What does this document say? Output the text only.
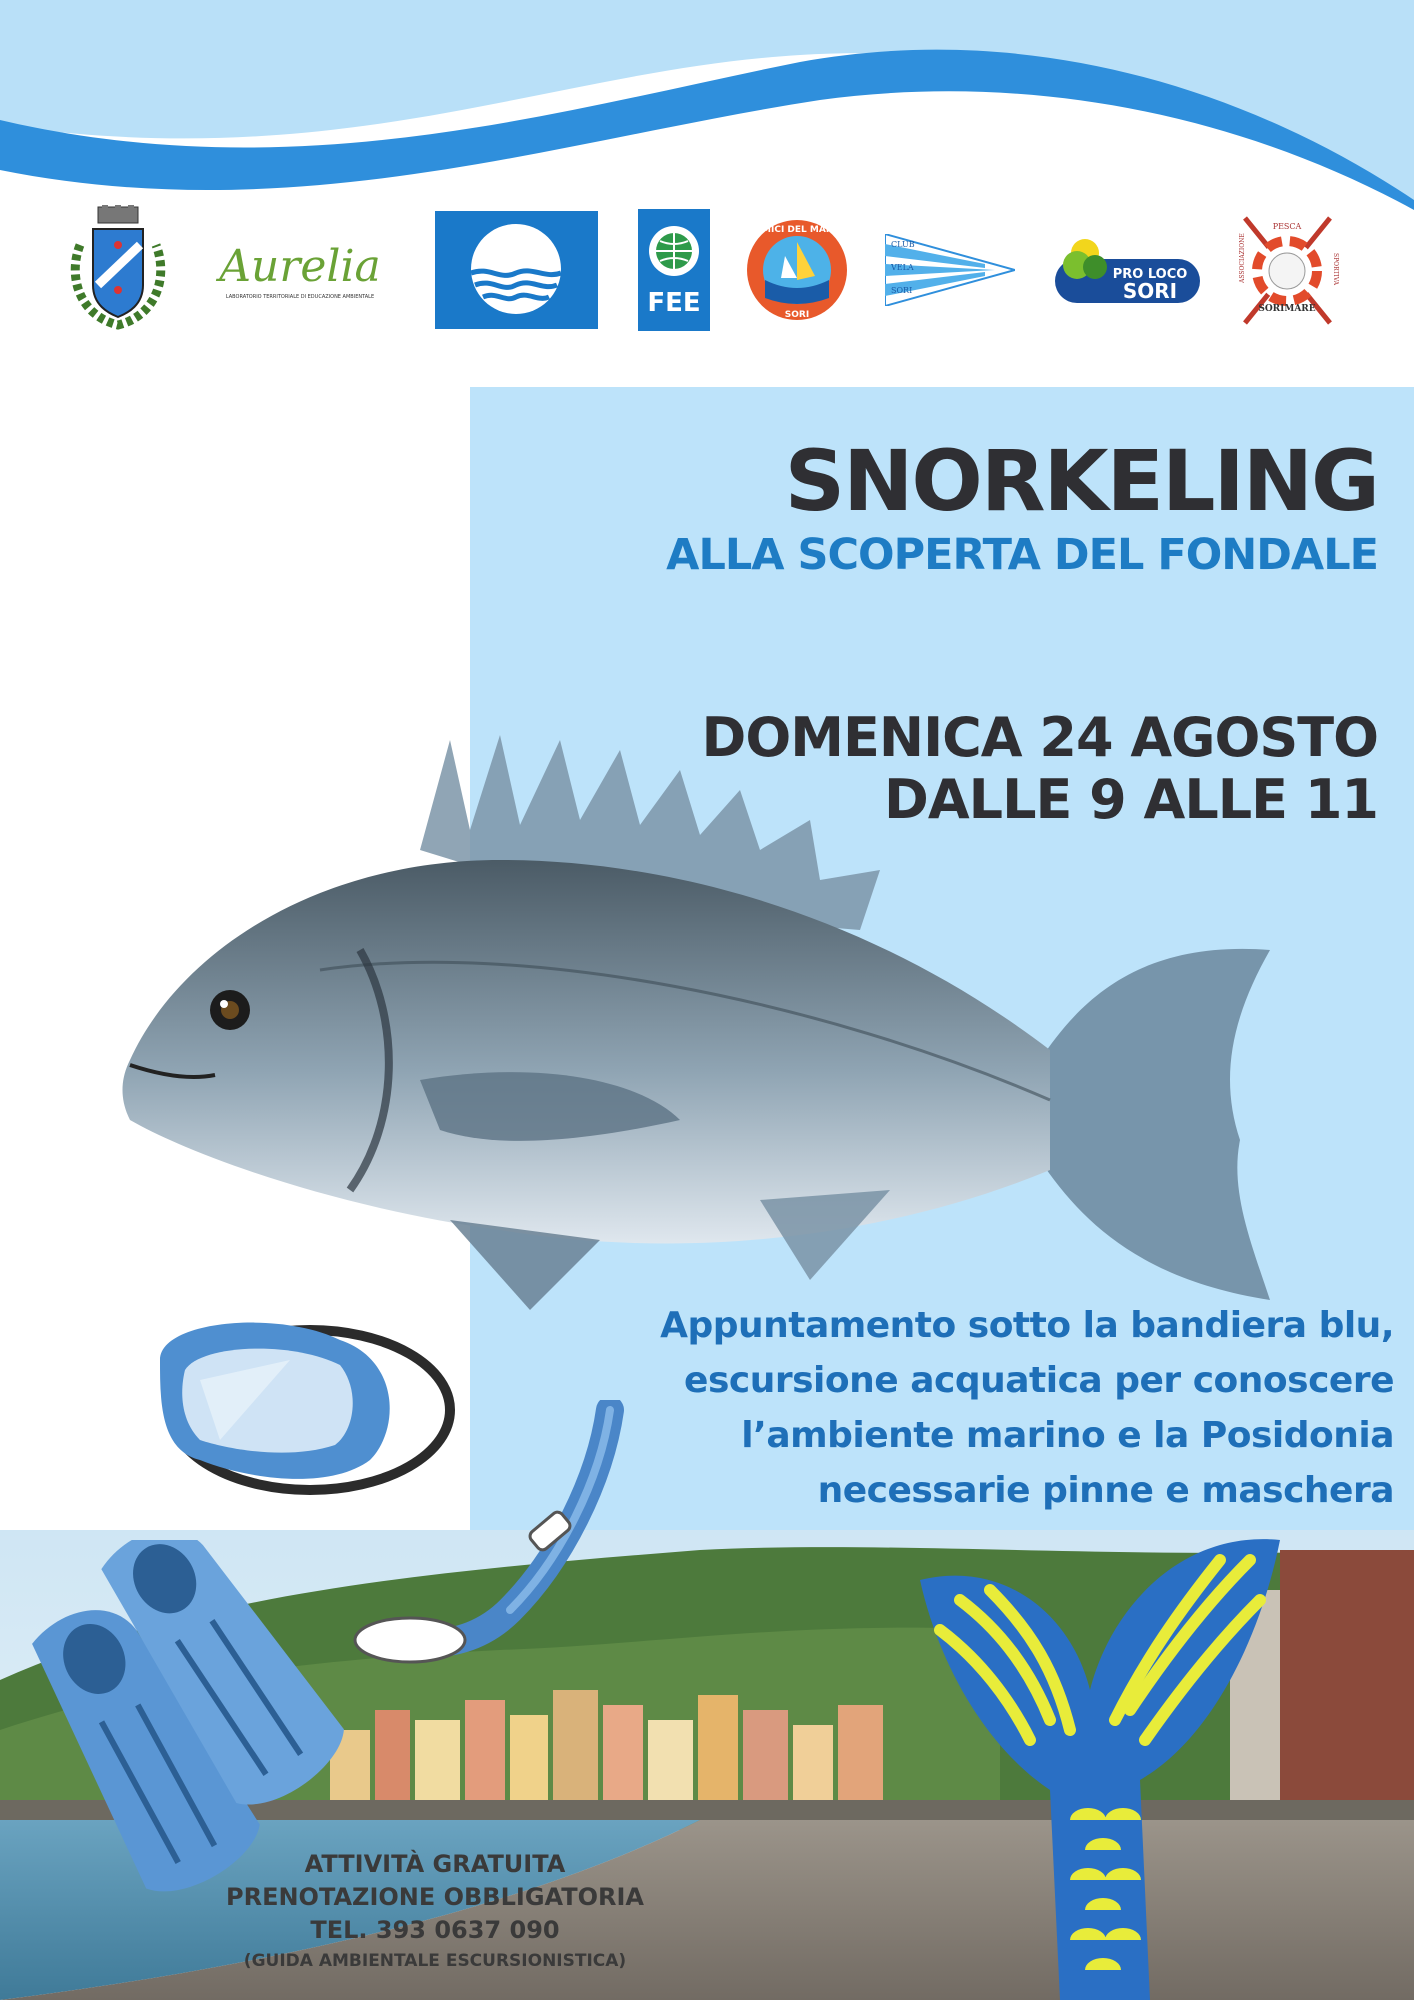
Aurelia
LABORATORIO TERRITORIALE DI EDUCAZIONE AMBIENTALE	FEE
AMICI DEL MARE
SORI
CLUB
VELA
SORI
PRO LOCO
SORI
PESCA
SORIMARE
ASSOCIAZIONE	SPORTIVA
SNORKELING
ALLA SCOPERTA DEL FONDALE
DOMENICA 24 AGOSTO
DALLE 9 ALLE 11
Appuntamento sotto la bandiera blu,
escursione acquatica per conoscere
l’ambiente marino e la Posidonia
necessarie pinne e maschera
ATTIVITÀ GRATUITA
PRENOTAZIONE OBBLIGATORIA
TEL. 393 0637 090
(GUIDA AMBIENTALE ESCURSIONISTICA)
